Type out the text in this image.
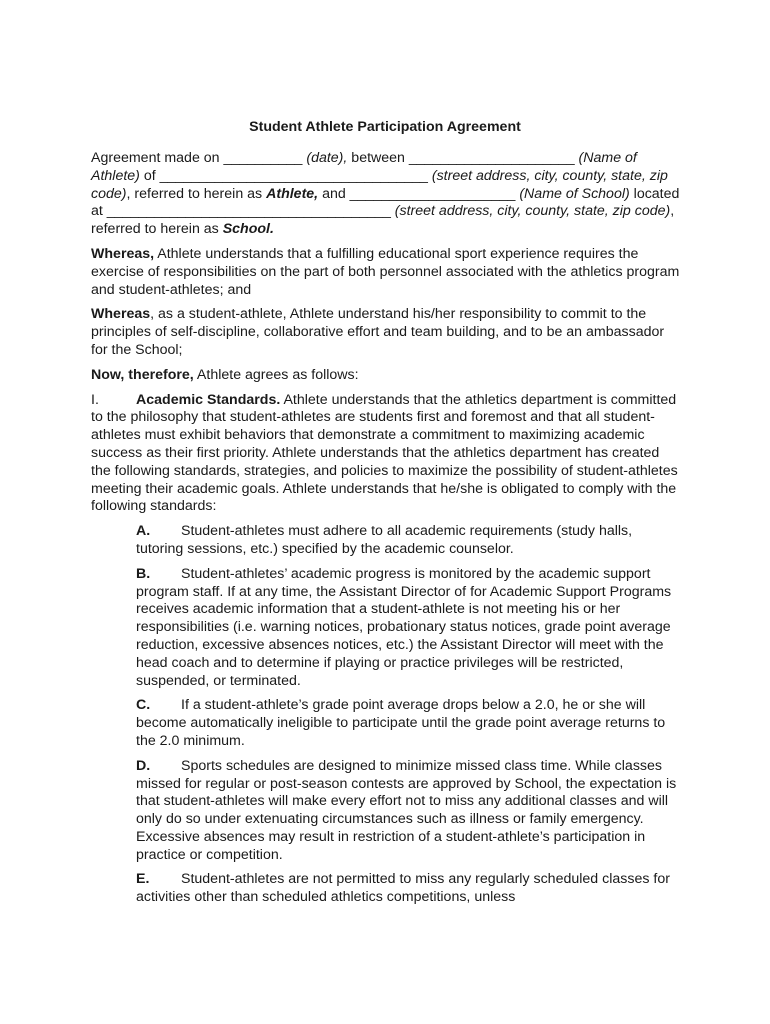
Student Athlete Participation Agreement

Agreement made on __________ (date), between _____________________ (Name of Athlete) of __________________________________ (street address, city, county, state, zip code), referred to herein as Athlete, and _____________________ (Name of School) located at ____________________________________ (street address, city, county, state, zip code), referred to herein as School.

Whereas, Athlete understands that a fulfilling educational sport experience requires the exercise of responsibilities on the part of both personnel associated with the athletics program and student-athletes; and

Whereas, as a student-athlete, Athlete understand his/her responsibility to commit to the principles of self-discipline, collaborative effort and team building, and to be an ambassador for the School;

Now, therefore, Athlete agrees as follows:

I.	Academic Standards. Athlete understands that the athletics department is committed to the philosophy that student-athletes are students first and foremost and that all student-athletes must exhibit behaviors that demonstrate a commitment to maximizing academic success as their first priority. Athlete understands that the athletics department has created the following standards, strategies, and policies to maximize the possibility of student-athletes meeting their academic goals. Athlete understands that he/she is obligated to comply with the following standards:

A. Student-athletes must adhere to all academic requirements (study halls, tutoring sessions, etc.) specified by the academic counselor.
B. Student-athletes’ academic progress is monitored by the academic support program staff. If at any time, the Assistant Director of for Academic Support Programs receives academic information that a student-athlete is not meeting his or her responsibilities (i.e. warning notices, probationary status notices, grade point average reduction, excessive absences notices, etc.) the Assistant Director will meet with the head coach and to determine if playing or practice privileges will be restricted, suspended, or terminated.
C. If a student-athlete’s grade point average drops below a 2.0, he or she will become automatically ineligible to participate until the grade point average returns to the 2.0 minimum.
D. Sports schedules are designed to minimize missed class time. While classes missed for regular or post-season contests are approved by School, the expectation is that student-athletes will make every effort not to miss any additional classes and will only do so under extenuating circumstances such as illness or family emergency. Excessive absences may result in restriction of a student-athlete’s participation in practice or competition.
E. Student-athletes are not permitted to miss any regularly scheduled classes for activities other than scheduled athletics competitions, unless
